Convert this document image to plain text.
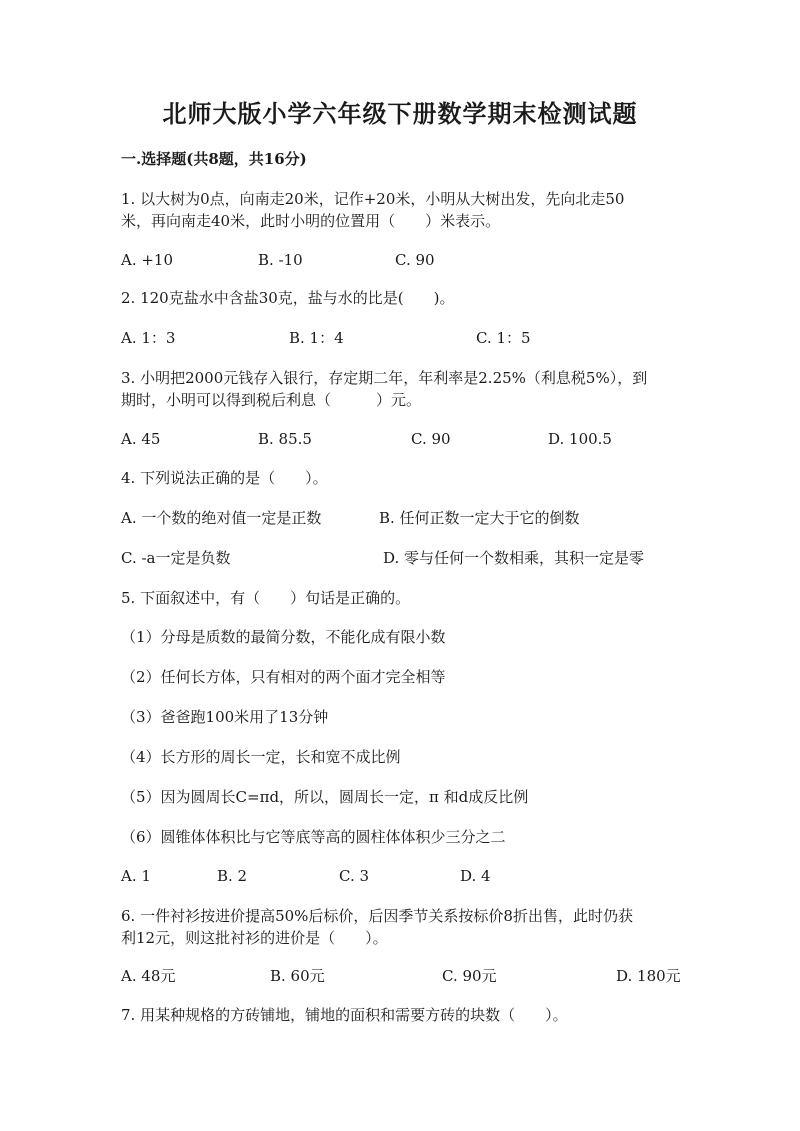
北师大版小学六年级下册数学期末检测试题
一.选择题(共8题，共16分)
1. 以大树为0点，向南走20米，记作+20米，小明从大树出发，先向北走50
米，再向南走40米，此时小明的位置用（　　）米表示。
A. +10	B. -10	C. 90
2. 120克盐水中含盐30克，盐与水的比是(　　)。
A. 1：3	B. 1：4	C. 1：5
3. 小明把2000元钱存入银行，存定期二年，年利率是2.25%（利息税5%），到
期时，小明可以得到税后利息（　　　）元。
A. 45	B. 85.5	C. 90	D. 100.5
4. 下列说法正确的是（　　）。
A. 一个数的绝对值一定是正数	B. 任何正数一定大于它的倒数
C. -a一定是负数	D. 零与任何一个数相乘，其积一定是零
5. 下面叙述中，有（　　）句话是正确的。
（1）分母是质数的最简分数，不能化成有限小数
（2）任何长方体，只有相对的两个面才完全相等
（3）爸爸跑100米用了13分钟
（4）长方形的周长一定，长和宽不成比例
（5）因为圆周长C=πd，所以，圆周长一定，π 和d成反比例
（6）圆锥体体积比与它等底等高的圆柱体体积少三分之二
A. 1	B. 2	C. 3	D. 4
6. 一件衬衫按进价提高50%后标价，后因季节关系按标价8折出售，此时仍获
利12元，则这批衬衫的进价是（　　）。
A. 48元	B. 60元	C. 90元	D. 180元
7. 用某种规格的方砖铺地，铺地的面积和需要方砖的块数（　　）。
